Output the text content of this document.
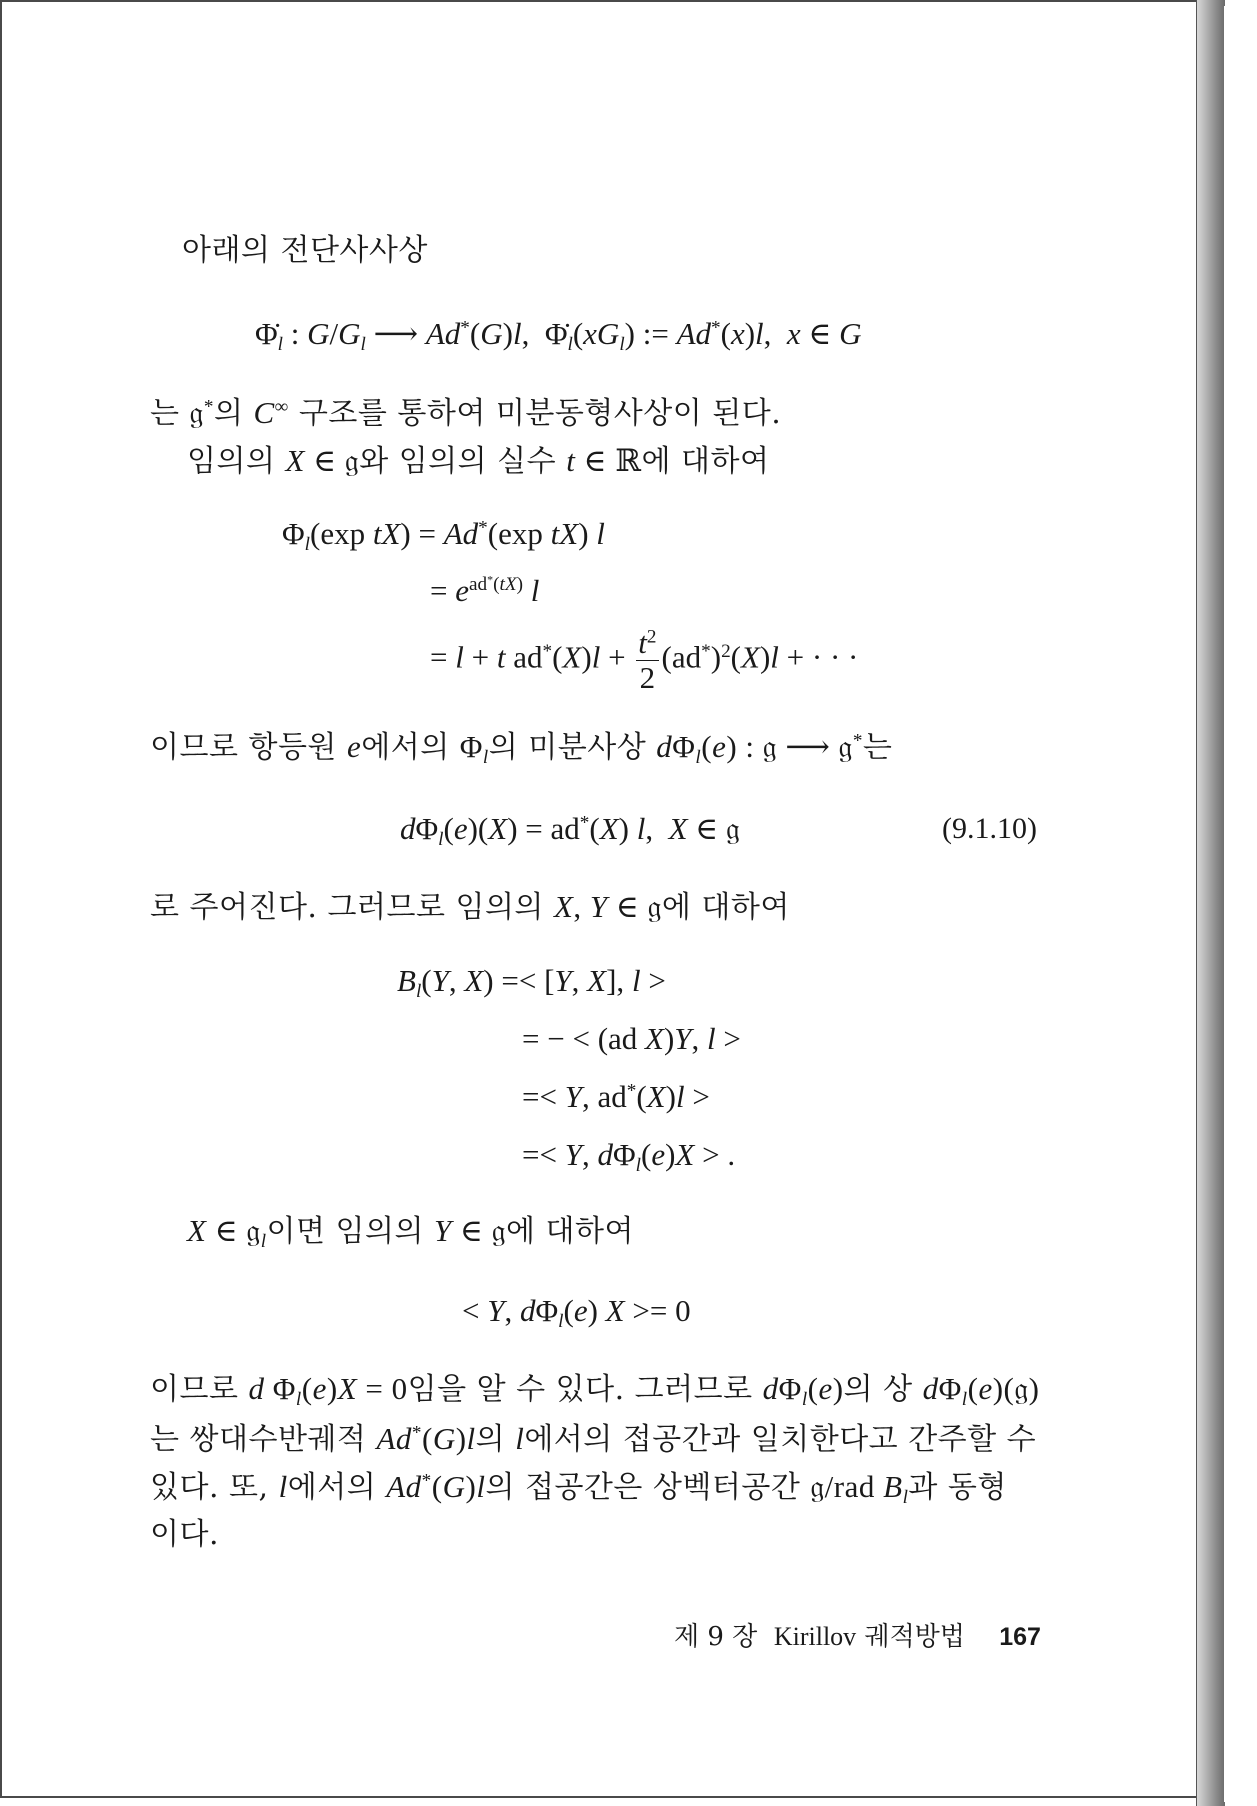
아래의 전단사사상
$\Phi̇_l$ : $G/G_l$ ⟶ Ad*(G)l,  $\Phi̇_l(xG_l)$ := Ad*(x)l,  x ∈ G
는 𝔤*의 C∞ 구조를 통하여 미분동형사상이 된다.
임의의 X ∈ 𝔤와 임의의 실수 t ∈ ℝ에 대하여
$\Phi_l(\exp$ tX) = Ad*(exp tX) l
= $e^{ad^*(tX)}$ l
= l + t $ad^*(X)l + \frac{t^2}{2} (ad^*)^2(X)l$ + · · ·
이므로 항등원 e에서의 $\Phi_l$의 미분사상 $d\Phi_l(e)$ : 𝔤 ⟶ 𝔤*는
$d\Phi_l(e)(X) = ad^*(X)$ l,  X ∈ 𝔤	(9.1.10)
로 주어진다. 그러므로 임의의 X, Y ∈ 𝔤에 대하여
$B_l(Y$, X) =< [Y, X], l >
= − < (ad X)Y, l >
=< Y, ad*(X)l >
=< Y, $d\Phi_l(e)X$ > .
X ∈ 𝔤$_l$이면 임의의 Y ∈ 𝔤에 대하여
< Y, $d\Phi_l(e) X >= 0$
이므로 d $\Phi_l(e)X = 0$임을 알 수 있다. 그러므로 $d\Phi_l(e)$의 상 $d\Phi_l(e)(𝔤)$
는 쌍대수반궤적 Ad*(G)l의 l에서의 접공간과 일치한다고 간주할 수
있다. 또, l에서의 Ad*(G)l의 접공간은 상벡터공간 𝔤/rad $B_l$과 동형
이다.
제 9 장 Kirillov 궤적방법 167
